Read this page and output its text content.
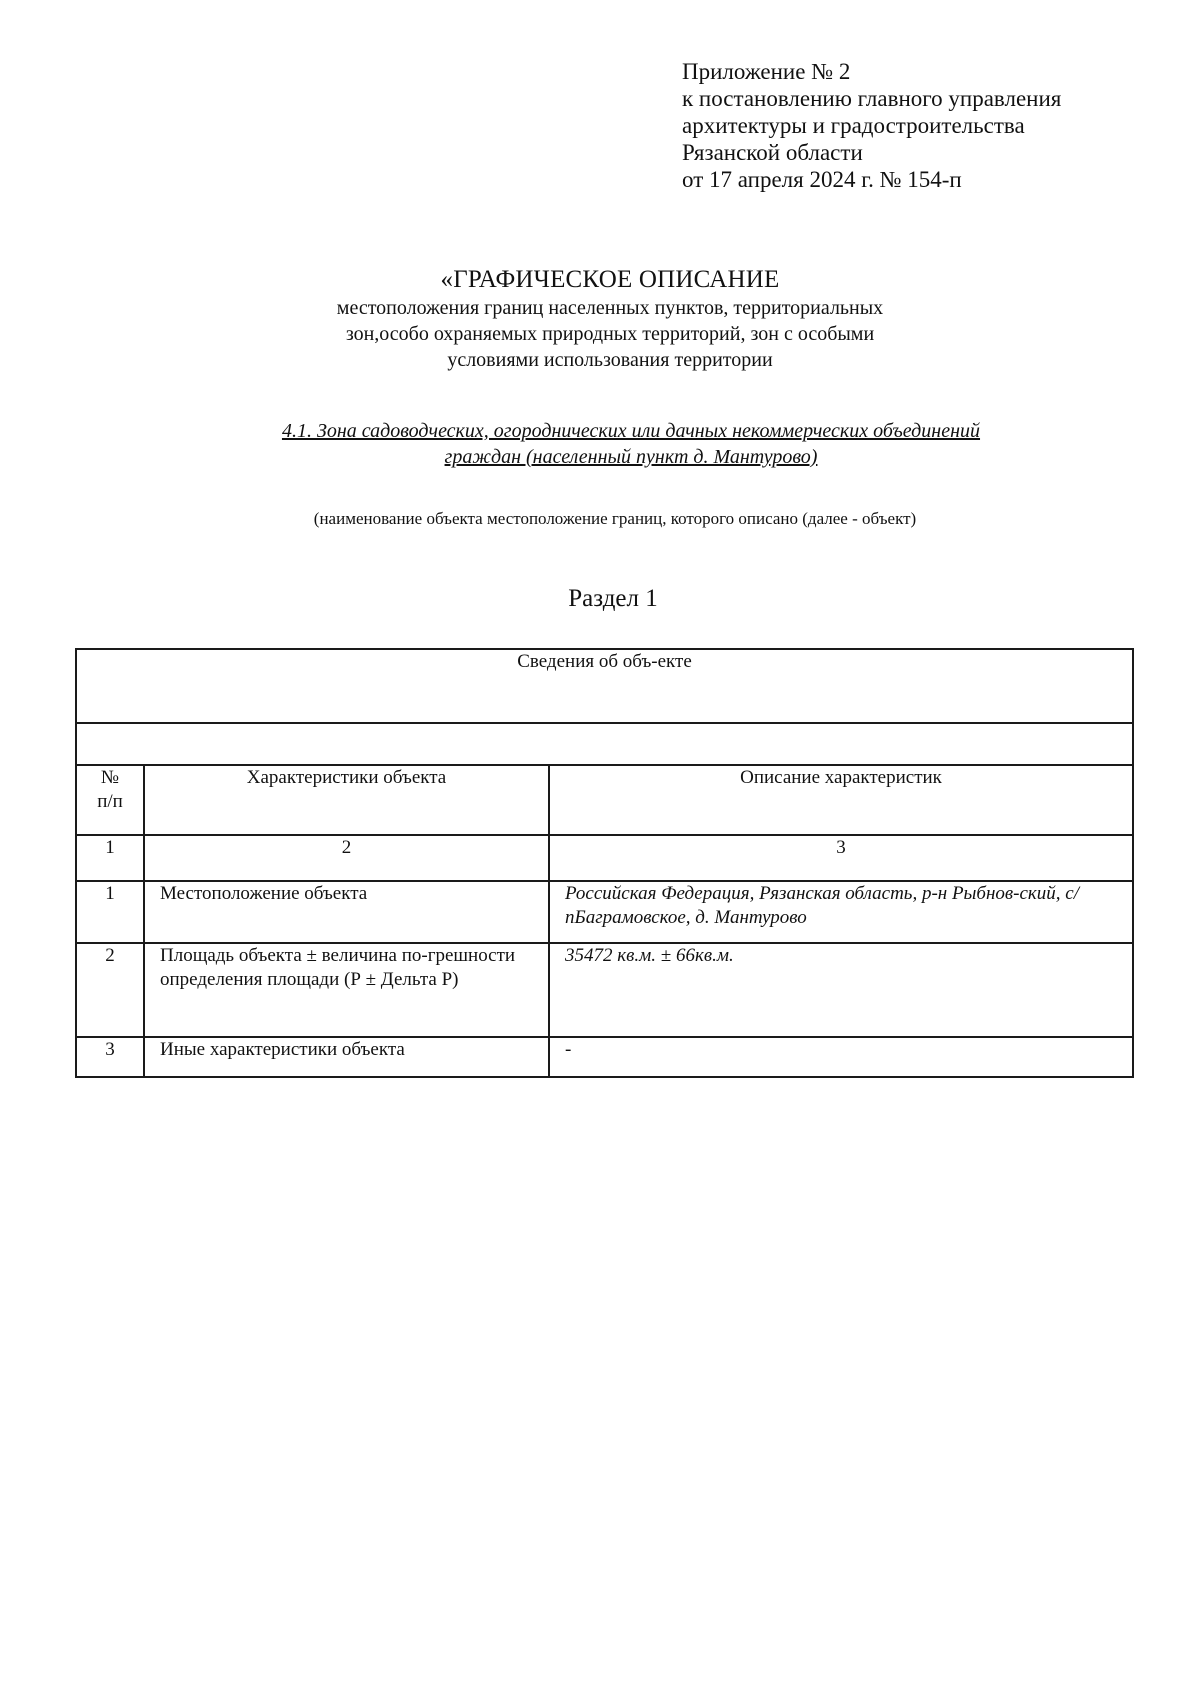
Приложение № 2
к постановлению главного управления
архитектуры и градостроительства
Рязанской области
от 17 апреля 2024 г. № 154-п
«ГРАФИЧЕСКОЕ ОПИСАНИЕ
местоположения границ населенных пунктов, территориальных
зон,особо охраняемых природных территорий, зон с особыми
условиями использования территории
4.1. Зона садоводческих, огороднических или дачных некоммерческих объединений
граждан (населенный пункт д. Мантурово)
(наименование объекта местоположение границ, которого описано (далее - объект)
Раздел 1
Сведения об объ-екте		

№ п/п	Характеристики объекта	Описание характеристик
1	2	3
1	Местоположение объекта	Российская Федерация, Рязанская область, р-н Рыбнов-ский, с/пБаграмовское, д. Мантурово
2	Площадь объекта ± величина по-грешности определения площади (Р ± Дельта Р)	35472 кв.м. ± 66кв.м.
3	Иные характеристики объекта	-
